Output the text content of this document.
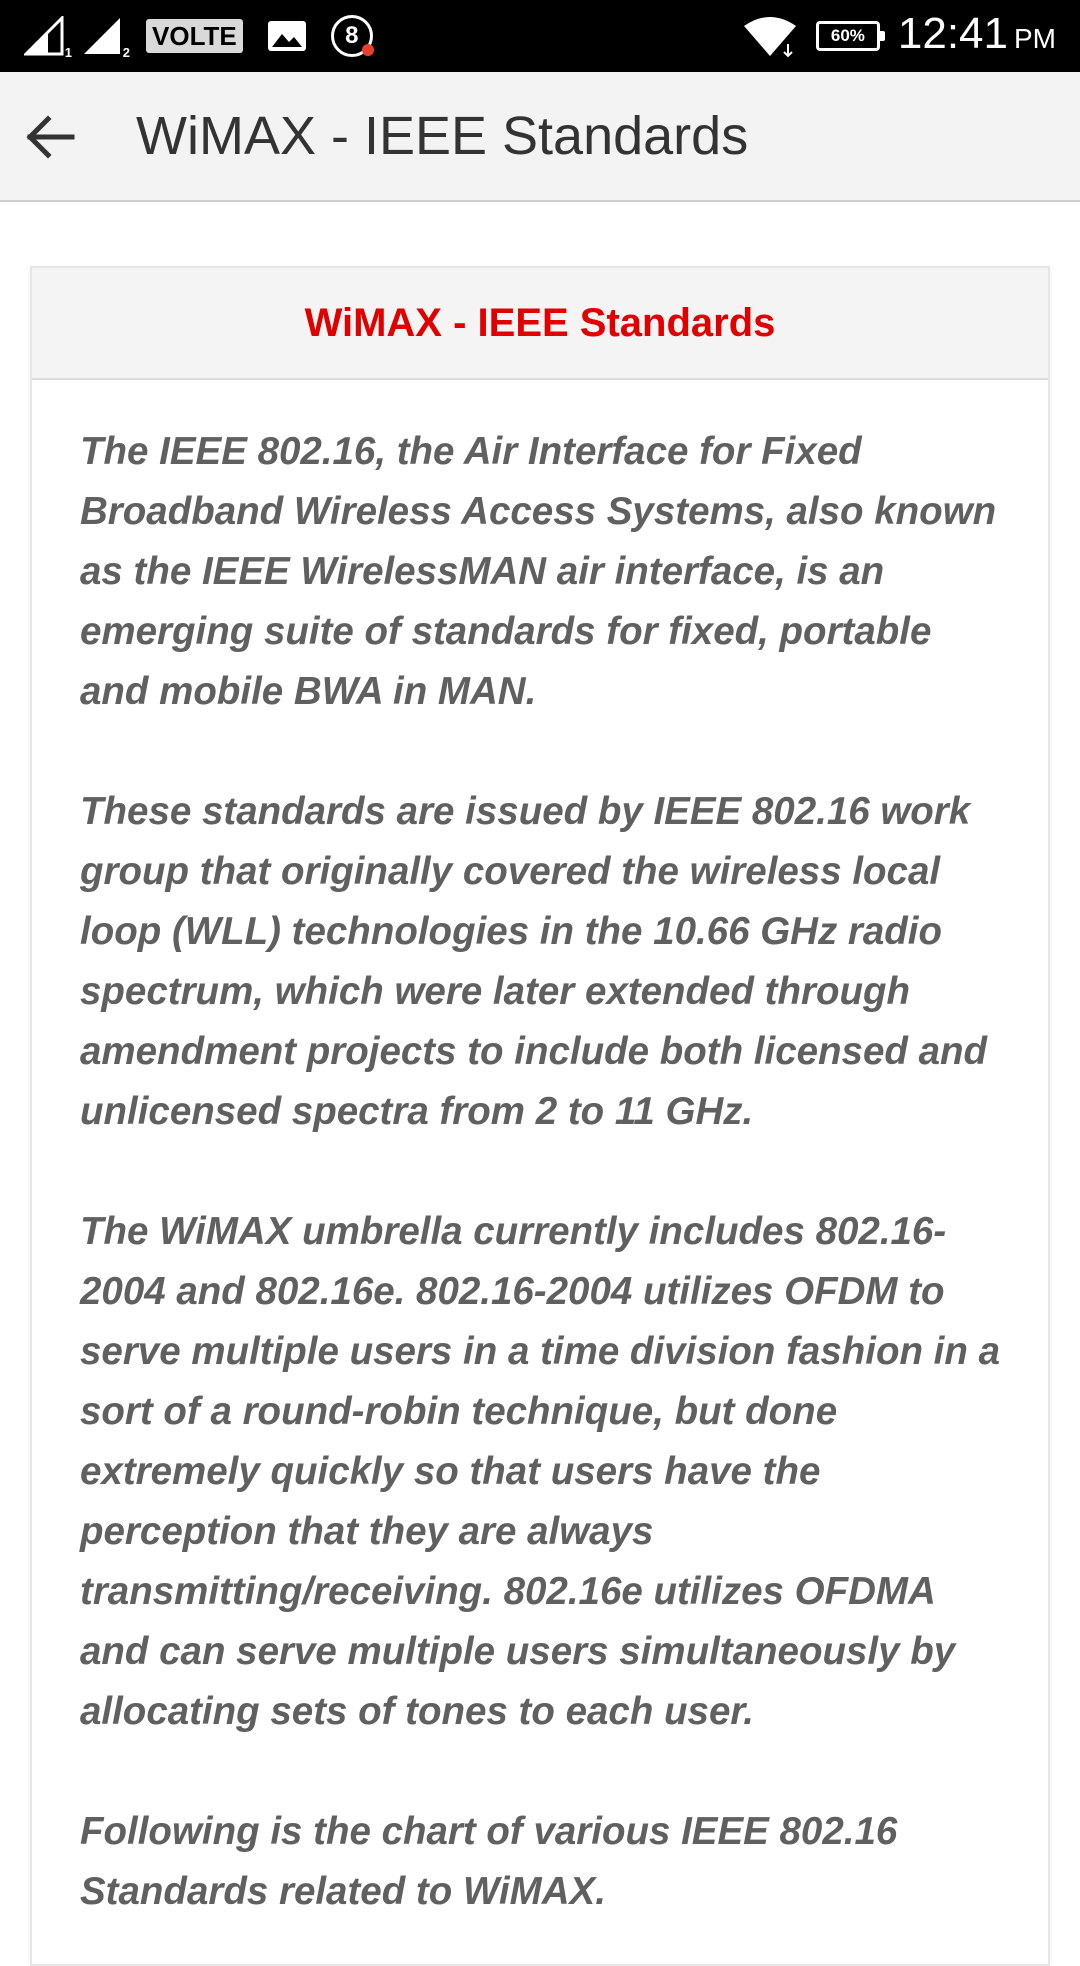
1	2
VOLTE	8	60% 12:41 PM
WiMAX - IEEE Standards
WiMAX - IEEE Standards

The IEEE 802.16, the Air Interface for Fixed Broadband Wireless Access Systems, also known as the IEEE WirelessMAN air interface, is an emerging suite of standards for fixed, portable and mobile BWA in MAN.

These standards are issued by IEEE 802.16 work group that originally covered the wireless local loop (WLL) technologies in the 10.66 GHz radio spectrum, which were later extended through amendment projects to include both licensed and unlicensed spectra from 2 to 11 GHz.

The WiMAX umbrella currently includes 802.16-2004 and 802.16e. 802.16-2004 utilizes OFDM to serve multiple users in a time division fashion in a sort of a round-robin technique, but done extremely quickly so that users have the perception that they are always transmitting/receiving. 802.16e utilizes OFDMA and can serve multiple users simultaneously by allocating sets of tones to each user.

Following is the chart of various IEEE 802.16 Standards related to WiMAX.
